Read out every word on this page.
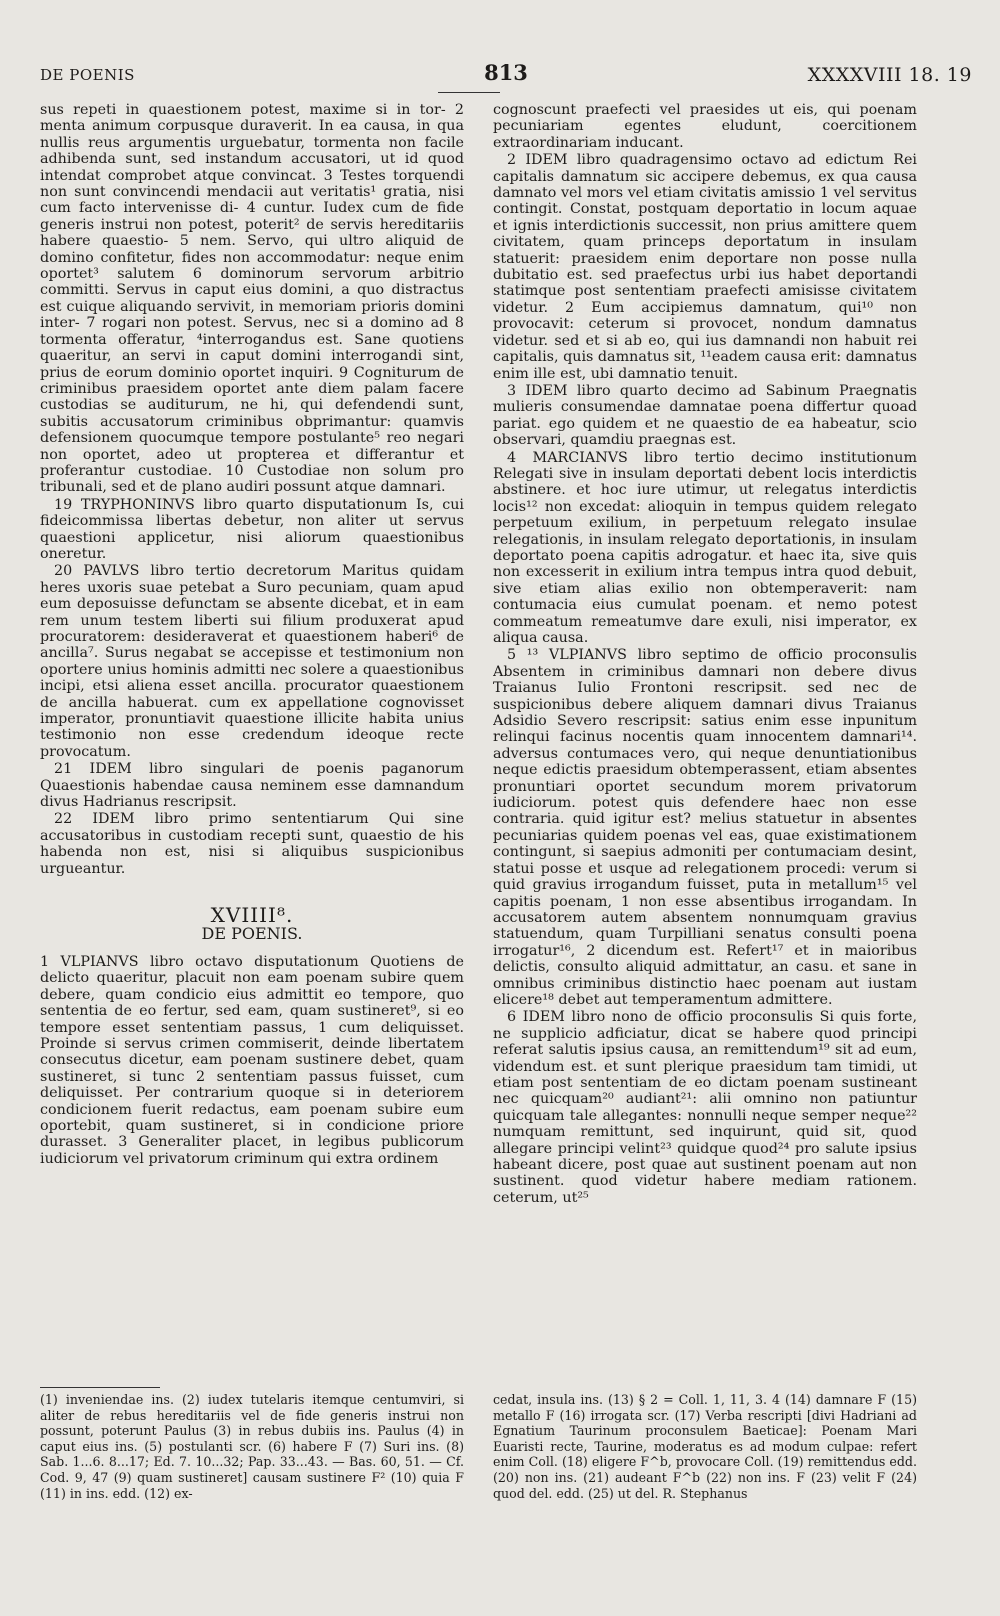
DE POENIS	813	XXXXVIII 18. 19

sus repeti in quaestionem potest, maxime si in tor- 2 menta animum corpusque duraverit. In ea causa, in qua nullis reus argumentis urguebatur, tormenta non facile adhibenda sunt, sed instandum accusatori, ut id quod intendat comprobet atque convincat. 3 Testes torquendi non sunt convincendi mendacii aut veritatis¹ gratia, nisi cum facto intervenisse di- 4 cuntur. Iudex cum de fide generis instrui non potest, poterit² de servis hereditariis habere quaestio- 5 nem. Servo, qui ultro aliquid de domino confitetur, fides non accommodatur: neque enim oportet³ salutem 6 dominorum servorum arbitrio committi. Servus in caput eius domini, a quo distractus est cuique aliquando servivit, in memoriam prioris domini inter- 7 rogari non potest. Servus, nec si a domino ad 8 tormenta offeratur, ⁴interrogandus est. Sane quotiens quaeritur, an servi in caput domini interrogandi sint, prius de eorum dominio oportet inquiri. 9 Cogniturum de criminibus praesidem oportet ante diem palam facere custodias se auditurum, ne hi, qui defendendi sunt, subitis accusatorum criminibus obprimantur: quamvis defensionem quocumque tempore postulante⁵ reo negari non oportet, adeo ut propterea et differantur et proferantur custodiae. 10 Custodiae non solum pro tribunali, sed et de plano audiri possunt atque damnari.

19 TRYPHONINVS libro quarto disputationum Is, cui fideicommissa libertas debetur, non aliter ut servus quaestioni applicetur, nisi aliorum quaestionibus oneretur.

20 PAVLVS libro tertio decretorum Maritus quidam heres uxoris suae petebat a Suro pecuniam, quam apud eum deposuisse defunctam se absente dicebat, et in eam rem unum testem liberti sui filium produxerat apud procuratorem: desideraverat et quaestionem haberi⁶ de ancilla⁷. Surus negabat se accepisse et testimonium non oportere unius hominis admitti nec solere a quaestionibus incipi, etsi aliena esset ancilla. procurator quaestionem de ancilla habuerat. cum ex appellatione cognovisset imperator, pronuntiavit quaestione illicite habita unius testimonio non esse credendum ideoque recte provocatum.

21 IDEM libro singulari de poenis paganorum Quaestionis habendae causa neminem esse damnandum divus Hadrianus rescripsit.

22 IDEM libro primo sententiarum Qui sine accusatoribus in custodiam recepti sunt, quaestio de his habenda non est, nisi si aliquibus suspicionibus urgueantur.

XVIIII⁸.
DE POENIS.

1 VLPIANVS libro octavo disputationum Quotiens de delicto quaeritur, placuit non eam poenam subire quem debere, quam condicio eius admittit eo tempore, quo sententia de eo fertur, sed eam, quam sustineret⁹, si eo tempore esset sententiam passus, 1 cum deliquisset. Proinde si servus crimen commiserit, deinde libertatem consecutus dicetur, eam poenam sustinere debet, quam sustineret, si tunc 2 sententiam passus fuisset, cum deliquisset. Per contrarium quoque si in deteriorem condicionem fuerit redactus, eam poenam subire eum oportebit, quam sustineret, si in condicione priore durasset. 3 Generaliter placet, in legibus publicorum iudiciorum vel privatorum criminum qui extra ordinem

cognoscunt praefecti vel praesides ut eis, qui poenam pecuniariam egentes eludunt, coercitionem extraordinariam inducant.

2 IDEM libro quadragensimo octavo ad edictum Rei capitalis damnatum sic accipere debemus, ex qua causa damnato vel mors vel etiam civitatis amissio 1 vel servitus contingit. Constat, postquam deportatio in locum aquae et ignis interdictionis successit, non prius amittere quem civitatem, quam princeps deportatum in insulam statuerit: praesidem enim deportare non posse nulla dubitatio est. sed praefectus urbi ius habet deportandi statimque post sententiam praefecti amisisse civitatem videtur. 2 Eum accipiemus damnatum, qui¹⁰ non provocavit: ceterum si provocet, nondum damnatus videtur. sed et si ab eo, qui ius damnandi non habuit rei capitalis, quis damnatus sit, ¹¹eadem causa erit: damnatus enim ille est, ubi damnatio tenuit.

3 IDEM libro quarto decimo ad Sabinum Praegnatis mulieris consumendae damnatae poena differtur quoad pariat. ego quidem et ne quaestio de ea habeatur, scio observari, quamdiu praegnas est.

4 MARCIANVS libro tertio decimo institutionum Relegati sive in insulam deportati debent locis interdictis abstinere. et hoc iure utimur, ut relegatus interdictis locis¹² non excedat: alioquin in tempus quidem relegato perpetuum exilium, in perpetuum relegato insulae relegationis, in insulam relegato deportationis, in insulam deportato poena capitis adrogatur. et haec ita, sive quis non excesserit in exilium intra tempus intra quod debuit, sive etiam alias exilio non obtemperaverit: nam contumacia eius cumulat poenam. et nemo potest commeatum remeatumve dare exuli, nisi imperator, ex aliqua causa.

5 ¹³ VLPIANVS libro septimo de officio proconsulis Absentem in criminibus damnari non debere divus Traianus Iulio Frontoni rescripsit. sed nec de suspicionibus debere aliquem damnari divus Traianus Adsidio Severo rescripsit: satius enim esse inpunitum relinqui facinus nocentis quam innocentem damnari¹⁴. adversus contumaces vero, qui neque denuntiationibus neque edictis praesidum obtemperassent, etiam absentes pronuntiari oportet secundum morem privatorum iudiciorum. potest quis defendere haec non esse contraria. quid igitur est? melius statuetur in absentes pecuniarias quidem poenas vel eas, quae existimationem contingunt, si saepius admoniti per contumaciam desint, statui posse et usque ad relegationem procedi: verum si quid gravius irrogandum fuisset, puta in metallum¹⁵ vel capitis poenam, 1 non esse absentibus irrogandam. In accusatorem autem absentem nonnumquam gravius statuendum, quam Turpilliani senatus consulti poena irrogatur¹⁶, 2 dicendum est. Refert¹⁷ et in maioribus delictis, consulto aliquid admittatur, an casu. et sane in omnibus criminibus distinctio haec poenam aut iustam elicere¹⁸ debet aut temperamentum admittere.

6 IDEM libro nono de officio proconsulis Si quis forte, ne supplicio adficiatur, dicat se habere quod principi referat salutis ipsius causa, an remittendum¹⁹ sit ad eum, videndum est. et sunt plerique praesidum tam timidi, ut etiam post sententiam de eo dictam poenam sustineant nec quicquam²⁰ audiant²¹: alii omnino non patiuntur quicquam tale allegantes: nonnulli neque semper neque²² numquam remittunt, sed inquirunt, quid sit, quod allegare principi velint²³ quidque quod²⁴ pro salute ipsius habeant dicere, post quae aut sustinent poenam aut non sustinent. quod videtur habere mediam rationem. ceterum, ut²⁵

(1) inveniendae ins. (2) iudex tutelaris itemque centumviri, si aliter de rebus hereditariis vel de fide generis instrui non possunt, poterunt Paulus (3) in rebus dubiis ins. Paulus (4) in caput eius ins. (5) postulanti scr. (6) habere F (7) Suri ins. (8) Sab. 1...6. 8...17; Ed. 7. 10...32; Pap. 33...43. — Bas. 60, 51. — Cf. Cod. 9, 47 (9) quam sustineret] causam sustinere F² (10) quia F (11) in ins. edd. (12) ex-
cedat, insula ins. (13) § 2 = Coll. 1, 11, 3. 4 (14) damnare F (15) metallo F (16) irrogata scr. (17) Verba rescripti [divi Hadriani ad Egnatium Taurinum proconsulem Baeticae]: Poenam Mari Euaristi recte, Taurine, moderatus es ad modum culpae: refert enim Coll. (18) eligere F^b, provocare Coll. (19) remittendus edd. (20) non ins. (21) audeant F^b (22) non ins. F (23) velit F (24) quod del. edd. (25) ut del. R. Stephanus
